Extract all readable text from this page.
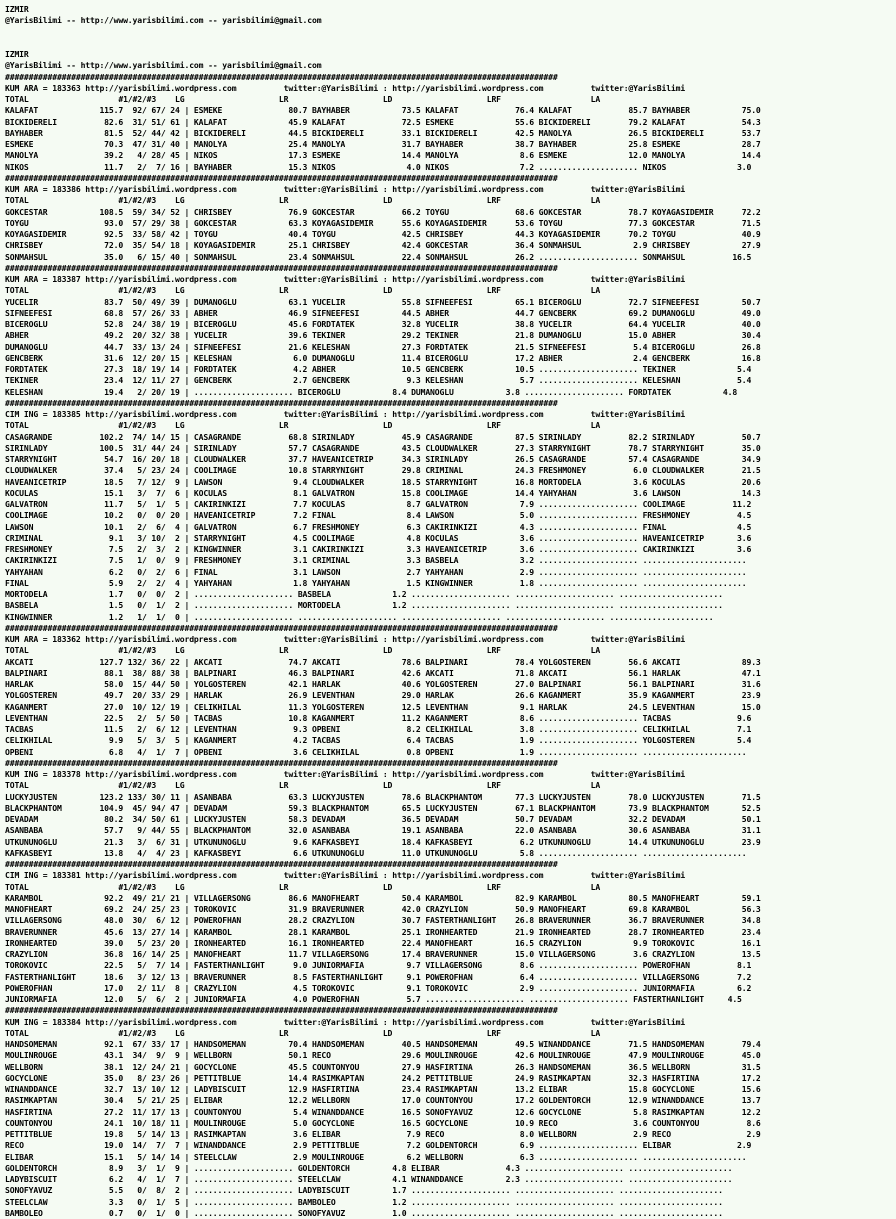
IZMIR
@YarisBilimi -- http://www.yarisbilimi.com -- yarisbilimi@gmail.com

IZMIR
@YarisBilimi -- http://www.yarisbilimi.com -- yarisbilimi@gmail.com
#####################################################################################################################
KUM ARA = 183363 http://yarisbilimi.wordpress.com          twitter:@YarisBilimi : http://yarisbilimi.wordpress.com          twitter:@YarisBilimi
TOTAL                   #1/#2/#3    LG                    LR                    LD                    LRF                   LA
KALAFAT             115.7  92/ 67/ 24 | ESMEKE              80.7 BAYHABER           73.5 KALAFAT            76.4 KALAFAT            85.7 BAYHABER           75.0
BICKIDERELI          82.6  31/ 51/ 61 | KALAFAT             45.9 KALAFAT            72.5 ESMEKE             55.6 BICKIDERELI        79.2 KALAFAT            54.3
BAYHABER             81.5  52/ 44/ 42 | BICKIDERELI         44.5 BICKIDERELI        33.1 BICKIDERELI        42.5 MANOLYA            26.5 BICKIDERELI        53.7
ESMEKE               70.3  47/ 31/ 40 | MANOLYA             25.4 MANOLYA            31.7 BAYHABER           38.7 BAYHABER           25.8 ESMEKE             28.7
MANOLYA              39.2   4/ 28/ 45 | NIKOS               17.3 ESMEKE             14.4 MANOLYA             8.6 ESMEKE             12.0 MANOLYA            14.4
NIKOS                11.7   2/  7/ 16 | BAYHABER            15.3 NIKOS               4.0 NIKOS               7.2 ..................... NIKOS               3.0
#####################################################################################################################
KUM ARA = 183386 http://yarisbilimi.wordpress.com          twitter:@YarisBilimi : http://yarisbilimi.wordpress.com          twitter:@YarisBilimi
TOTAL                   #1/#2/#3    LG                    LR                    LD                    LRF                   LA
GOKCESTAR           108.5  59/ 34/ 52 | CHRISBEY            76.9 GOKCESTAR          66.2 TOYGU              68.6 GOKCESTAR          78.7 KOYAGASIDEMIR      72.2
TOYGU                93.0  57/ 29/ 38 | GOKCESTAR           63.3 KOYAGASIDEMIR      55.6 KOYAGASIDEMIR      53.6 TOYGU              77.3 GOKCESTAR          71.5
KOYAGASIDEMIR        92.5  33/ 58/ 42 | TOYGU               40.4 TOYGU              42.5 CHRISBEY           44.3 KOYAGASIDEMIR      70.2 TOYGU              40.9
CHRISBEY             72.0  35/ 54/ 18 | KOYAGASIDEMIR       25.1 CHRISBEY           42.4 GOKCESTAR          36.4 SONMAHSUL           2.9 CHRISBEY           27.9
SONMAHSUL            35.0   6/ 15/ 40 | SONMAHSUL           23.4 SONMAHSUL          22.4 SONMAHSUL          26.2 ..................... SONMAHSUL          16.5
#####################################################################################################################
KUM ARA = 183387 http://yarisbilimi.wordpress.com          twitter:@YarisBilimi : http://yarisbilimi.wordpress.com          twitter:@YarisBilimi
TOTAL                   #1/#2/#3    LG                    LR                    LD                    LRF                   LA
YUCELIR              83.7  50/ 49/ 39 | DUMANOGLU           63.1 YUCELIR            55.8 SIFNEEFESI         65.1 BICEROGLU          72.7 SIFNEEFESI         50.7
SIFNEEFESI           68.8  57/ 26/ 33 | ABHER               46.9 SIFNEEFESI         44.5 ABHER              44.7 GENCBERK           69.2 DUMANOGLU          49.0
BICEROGLU            52.8  24/ 38/ 19 | BICEROGLU           45.6 FORDTATEK          32.8 YUCELIR            38.8 YUCELIR            64.4 YUCELIR            40.0
ABHER                49.2  20/ 32/ 38 | YUCELIR             39.6 TEKINER            29.2 TEKINER            21.8 DUMANOGLU          15.0 ABHER              30.4
DUMANOGLU            44.7  33/ 13/ 24 | SIFNEEFESI          21.6 KELESHAN           27.3 FORDTATEK          21.5 SIFNEEFESI          5.4 BICEROGLU          26.8
GENCBERK             31.6  12/ 20/ 15 | KELESHAN             6.0 DUMANOGLU          11.4 BICEROGLU          17.2 ABHER               2.4 GENCBERK           16.8
FORDTATEK            27.3  18/ 19/ 14 | FORDTATEK            4.2 ABHER              10.5 GENCBERK           10.5 ..................... TEKINER             5.4
TEKINER              23.4  12/ 11/ 27 | GENCBERK             2.7 GENCBERK            9.3 KELESHAN            5.7 ..................... KELESHAN            5.4
KELESHAN             19.4   2/ 20/ 19 | ..................... BICEROGLU           8.4 DUMANOGLU           3.8 ..................... FORDTATEK           4.8
#####################################################################################################################
CIM ING = 183385 http://yarisbilimi.wordpress.com          twitter:@YarisBilimi : http://yarisbilimi.wordpress.com          twitter:@YarisBilimi
TOTAL                   #1/#2/#3    LG                    LR                    LD                    LRF                   LA
CASAGRANDE          102.2  74/ 14/ 15 | CASAGRANDE          68.8 SIRINLADY          45.9 CASAGRANDE         87.5 SIRINLADY          82.2 SIRINLADY          50.7
SIRINLADY           100.5  31/ 44/ 24 | SIRINLADY           57.7 CASAGRANDE         43.5 CLOUDWALKER        27.3 STARRYNIGHT        78.7 STARRYNIGHT        35.0
STARRYNIGHT          54.7  16/ 20/ 18 | CLOUDWALKER         37.7 HAVEANICETRIP      34.3 SIRINLADY          26.5 CASAGRANDE         57.4 CASAGRANDE         34.9
CLOUDWALKER          37.4   5/ 23/ 24 | COOLIMAGE           10.8 STARRYNIGHT        29.8 CRIMINAL           24.3 FRESHMONEY          6.0 CLOUDWALKER        21.5
HAVEANICETRIP        18.5   7/ 12/  9 | LAWSON               9.4 CLOUDWALKER        18.5 STARRYNIGHT        16.8 MORTODELA           3.6 KOCULAS            20.6
KOCULAS              15.1   3/  7/  6 | KOCULAS              8.1 GALVATRON          15.8 COOLIMAGE          14.4 YAHYAHAN            3.6 LAWSON             14.3
GALVATRON            11.7   5/  1/  5 | CAKIRINKIZI          7.7 KOCULAS             8.7 GALVATRON           7.9 ..................... COOLIMAGE          11.2
COOLIMAGE            10.2   0/  0/ 20 | HAVEANICETRIP        7.2 FINAL               8.4 LAWSON              5.0 ..................... FRESHMONEY          4.5
LAWSON               10.1   2/  6/  4 | GALVATRON            6.7 FRESHMONEY          6.3 CAKIRINKIZI         4.3 ..................... FINAL               4.5
CRIMINAL              9.1   3/ 10/  2 | STARRYNIGHT          4.5 COOLIMAGE           4.8 KOCULAS             3.6 ..................... HAVEANICETRIP       3.6
FRESHMONEY            7.5   2/  3/  2 | KINGWINNER           3.1 CAKIRINKIZI         3.3 HAVEANICETRIP       3.6 ..................... CAKIRINKIZI         3.6
CAKIRINKIZI           7.5   1/  0/  9 | FRESHMONEY           3.1 CRIMINAL            3.3 BASBELA             3.2 ..................... ......................
YAHYAHAN              6.2   0/  2/  6 | FINAL                3.1 LAWSON              2.7 YAHYAHAN            2.9 ..................... ......................
FINAL                 5.9   2/  2/  4 | YAHYAHAN             1.8 YAHYAHAN            1.5 KINGWINNER          1.8 ..................... ......................
MORTODELA             1.7   0/  0/  2 | ..................... BASBELA             1.2 ..................... ..................... ......................
BASBELA               1.5   0/  1/  2 | ..................... MORTODELA           1.2 ..................... ..................... ......................
KINGWINNER            1.2   1/  1/  0 | ..................... ..................... ..................... ..................... ......................
#####################################################################################################################
KUM ARA = 183362 http://yarisbilimi.wordpress.com          twitter:@YarisBilimi : http://yarisbilimi.wordpress.com          twitter:@YarisBilimi
TOTAL                   #1/#2/#3    LG                    LR                    LD                    LRF                   LA
AKCATI              127.7 132/ 36/ 22 | AKCATI              74.7 AKCATI             78.6 BALPINARI          78.4 YOLGOSTEREN        56.6 AKCATI             89.3
BALPINARI            88.1  38/ 88/ 38 | BALPINARI           46.3 BALPINARI          42.6 AKCATI             71.8 AKCATI             56.1 HARLAK             47.1
HARLAK               58.0  15/ 44/ 50 | YOLGOSTEREN         42.1 HARLAK             40.6 YOLGOSTEREN        27.0 BALPINARI          56.1 BALPINARI          31.6
YOLGOSTEREN          49.7  20/ 33/ 29 | HARLAK              26.9 LEVENTHAN          29.0 HARLAK             26.6 KAGANMERT          35.9 KAGANMERT          23.9
KAGANMERT            27.0  10/ 12/ 19 | CELIKHILAL          11.3 YOLGOSTEREN        12.5 LEVENTHAN           9.1 HARLAK             24.5 LEVENTHAN          15.0
LEVENTHAN            22.5   2/  5/ 50 | TACBAS              10.8 KAGANMERT          11.2 KAGANMERT           8.6 ..................... TACBAS              9.6
TACBAS               11.5   2/  6/ 12 | LEVENTHAN            9.3 OPBENI              8.2 CELIKHILAL          3.8 ..................... CELIKHILAL          7.1
CELIKHILAL            9.9   5/  3/  5 | KAGANMERT            4.2 TACBAS              6.4 TACBAS              1.9 ..................... YOLGOSTEREN         5.4
OPBENI                6.8   4/  1/  7 | OPBENI               3.6 CELIKHILAL          0.8 OPBENI              1.9 ..................... ......................
#####################################################################################################################
KUM ING = 183378 http://yarisbilimi.wordpress.com          twitter:@YarisBilimi : http://yarisbilimi.wordpress.com          twitter:@YarisBilimi
TOTAL                   #1/#2/#3    LG                    LR                    LD                    LRF                   LA
LUCKYJUSTEN         123.2 133/ 30/ 11 | ASANBABA            63.3 LUCKYJUSTEN        78.6 BLACKPHANTOM       77.3 LUCKYJUSTEN        78.0 LUCKYJUSTEN        71.5
BLACKPHANTOM        104.9  45/ 94/ 47 | DEVADAM             59.3 BLACKPHANTOM       65.5 LUCKYJUSTEN        67.1 BLACKPHANTOM       73.9 BLACKPHANTOM       52.5
DEVADAM              80.2  34/ 50/ 61 | LUCKYJUSTEN         58.3 DEVADAM            36.5 DEVADAM            50.7 DEVADAM            32.2 DEVADAM            50.1
ASANBABA             57.7   9/ 44/ 55 | BLACKPHANTOM        32.0 ASANBABA           19.1 ASANBABA           22.0 ASANBABA           30.6 ASANBABA           31.1
UTKUNUNOGLU          21.3   3/  6/ 31 | UTKUNUNOGLU          9.6 KAFKASBEYI         18.4 KAFKASBEYI          6.2 UTKUNUNOGLU        14.4 UTKUNUNOGLU        23.9
KAFKASBEYI           13.8   4/  4/ 23 | KAFKASBEYI           6.6 UTKUNUNOGLU        11.0 UTKUNUNOGLU         5.8 ..................... ......................
#####################################################################################################################
CIM ING = 183381 http://yarisbilimi.wordpress.com          twitter:@YarisBilimi : http://yarisbilimi.wordpress.com          twitter:@YarisBilimi
TOTAL                   #1/#2/#3    LG                    LR                    LD                    LRF                   LA
KARAMBOL             92.2  49/ 21/ 21 | VILLAGERSONG        86.6 MANOFHEART         50.4 KARAMBOL           82.9 KARAMBOL           80.5 MANOFHEART         59.1
MANOFHEART           69.2  24/ 25/ 23 | TOROKOVIC           31.9 BRAVERUNNER        42.0 CRAZYLION          50.9 MANOFHEART         69.8 KARAMBOL           56.3
VILLAGERSONG         48.0  30/  6/ 12 | POWEROFHAN          28.2 CRAZYLION          30.7 FASTERTHANLIGHT    26.8 BRAVERUNNER        36.7 BRAVERUNNER        34.8
BRAVERUNNER          45.6  13/ 27/ 14 | KARAMBOL            28.1 KARAMBOL           25.1 IRONHEARTED        21.9 IRONHEARTED        28.7 IRONHEARTED        23.4
IRONHEARTED          39.0   5/ 23/ 20 | IRONHEARTED         16.1 IRONHEARTED        22.4 MANOFHEART         16.5 CRAZYLION           9.9 TOROKOVIC          16.1
CRAZYLION            36.8  16/ 14/ 25 | MANOFHEART          11.7 VILLAGERSONG       17.4 BRAVERUNNER        15.0 VILLAGERSONG        3.6 CRAZYLION          13.5
TOROKOVIC            22.5   5/  7/ 14 | FASTERTHANLIGHT      9.0 JUNIORMAFIA         9.7 VILLAGERSONG        8.6 ..................... POWEROFHAN          8.1
FASTERTHANLIGHT      18.6   3/ 12/ 13 | BRAVERUNNER          8.5 FASTERTHANLIGHT     9.1 POWEROFHAN          6.4 ..................... VILLAGERSONG        7.2
POWEROFHAN           17.0   2/ 11/  8 | CRAZYLION            4.5 TOROKOVIC           9.1 TOROKOVIC           2.9 ..................... JUNIORMAFIA         6.2
JUNIORMAFIA          12.0   5/  6/  2 | JUNIORMAFIA          4.0 POWEROFHAN          5.7 ..................... ..................... FASTERTHANLIGHT     4.5
#####################################################################################################################
KUM ING = 183384 http://yarisbilimi.wordpress.com          twitter:@YarisBilimi : http://yarisbilimi.wordpress.com          twitter:@YarisBilimi
TOTAL                   #1/#2/#3    LG                    LR                    LD                    LRF                   LA
HANDSOMEMAN          92.1  67/ 33/ 17 | HANDSOMEMAN         70.4 HANDSOMEMAN        40.5 HANDSOMEMAN        49.5 WINANDDANCE        71.5 HANDSOMEMAN        79.4
MOULINROUGE          43.1  34/  9/  9 | WELLBORN            50.1 RECO               29.6 MOULINROUGE        42.6 MOULINROUGE        47.9 MOULINROUGE        45.0
WELLBORN             38.1  12/ 24/ 21 | GOCYCLONE           45.5 COUNTONYOU         27.9 HASFIRTINA         26.3 HANDSOMEMAN        36.5 WELLBORN           31.5
GOCYCLONE            35.0   8/ 23/ 26 | PETTITBLUE          14.4 RASIMKAPTAN        24.2 PETTITBLUE         24.9 RASIMKAPTAN        32.3 HASFIRTINA         17.2
WINANDDANCE          32.7  13/ 10/ 12 | LADYBISCUIT         12.9 HASFIRTINA         23.4 RASIMKAPTAN        13.2 ELIBAR             15.8 GOCYCLONE          15.6
RASIMKAPTAN          30.4   5/ 21/ 25 | ELIBAR              12.2 WELLBORN           17.0 COUNTONYOU         17.2 GOLDENTORCH        12.9 WINANDDANCE        13.7
HASFIRTINA           27.2  11/ 17/ 13 | COUNTONYOU           5.4 WINANDDANCE        16.5 SONOFYAVUZ         12.6 GOCYCLONE           5.8 RASIMKAPTAN        12.2
COUNTONYOU           24.1  10/ 18/ 11 | MOULINROUGE          5.0 GOCYCLONE          16.5 GOCYCLONE          10.9 RECO                3.6 COUNTONYOU          8.6
PETTITBLUE           19.8   5/ 14/ 13 | RASIMKAPTAN          3.6 ELIBAR              7.9 RECO                8.0 WELLBORN            2.9 RECO                2.9
RECO                 19.0  14/  7/  7 | WINANDDANCE          2.9 PETTITBLUE          7.2 GOLDENTORCH         6.9 ..................... ELIBAR              2.9
ELIBAR               15.1   5/ 14/ 14 | STEELCLAW            2.9 MOULINROUGE         6.2 WELLBORN            6.3 ..................... ......................
GOLDENTORCH           8.9   3/  1/  9 | ..................... GOLDENTORCH         4.8 ELIBAR              4.3 ..................... ......................
LADYBISCUIT           6.2   4/  1/  7 | ..................... STEELCLAW           4.1 WINANDDANCE         2.3 ..................... ......................
SONOFYAVUZ            5.5   0/  8/  2 | ..................... LADYBISCUIT         1.7 ..................... ..................... ......................
STEELCLAW             3.3   0/  1/  5 | ..................... BAMBOLEO            1.2 ..................... ..................... ......................
BAMBOLEO              0.7   0/  1/  0 | ..................... SONOFYAVUZ          1.0 ..................... ..................... ......................
